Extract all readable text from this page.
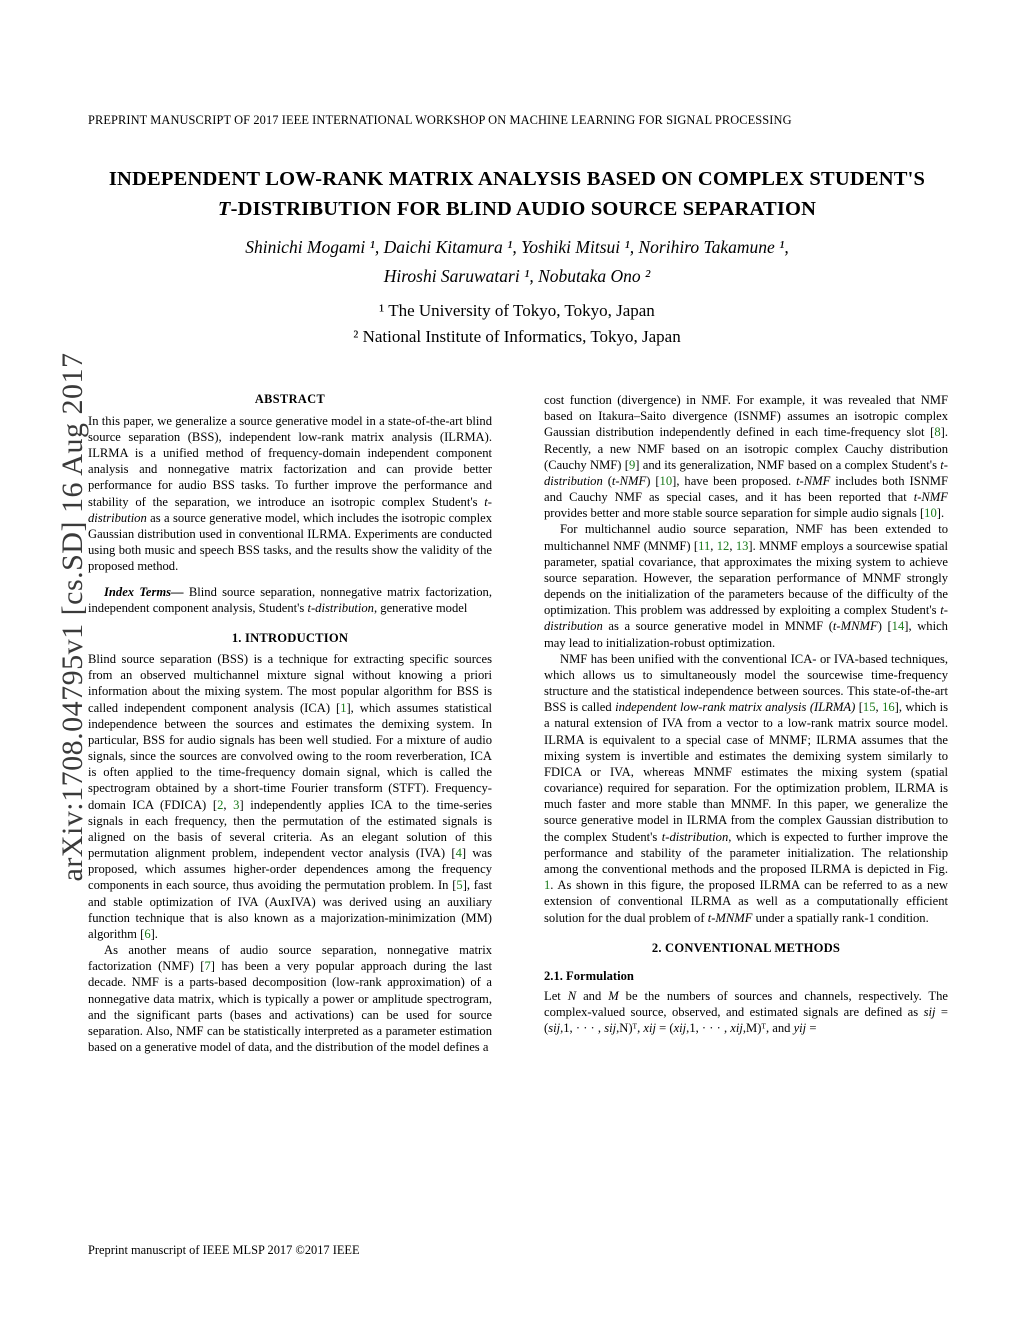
arXiv:1708.04795v1 [cs.SD] 16 Aug 2017
PREPRINT MANUSCRIPT OF 2017 IEEE INTERNATIONAL WORKSHOP ON MACHINE LEARNING FOR SIGNAL PROCESSING
INDEPENDENT LOW-RANK MATRIX ANALYSIS BASED ON COMPLEX STUDENT'S
T-DISTRIBUTION FOR BLIND AUDIO SOURCE SEPARATION
Shinichi Mogami ¹, Daichi Kitamura ¹, Yoshiki Mitsui ¹, Norihiro Takamune ¹,
Hiroshi Saruwatari ¹, Nobutaka Ono ²
¹ The University of Tokyo, Tokyo, Japan
² National Institute of Informatics, Tokyo, Japan
ABSTRACT

In this paper, we generalize a source generative model in a state-of-the-art blind source separation (BSS), independent low-rank matrix analysis (ILRMA). ILRMA is a unified method of frequency-domain independent component analysis and nonnegative matrix factorization and can provide better performance for audio BSS tasks. To further improve the performance and stability of the separation, we introduce an isotropic complex Student's t-distribution as a source generative model, which includes the isotropic complex Gaussian distribution used in conventional ILRMA. Experiments are conducted using both music and speech BSS tasks, and the results show the validity of the proposed method.

Index Terms— Blind source separation, nonnegative matrix factorization, independent component analysis, Student's t-distribution, generative model

1. INTRODUCTION

Blind source separation (BSS) is a technique for extracting specific sources from an observed multichannel mixture signal without knowing a priori information about the mixing system. The most popular algorithm for BSS is called independent component analysis (ICA) [1], which assumes statistical independence between the sources and estimates the demixing system. In particular, BSS for audio signals has been well studied. For a mixture of audio signals, since the sources are convolved owing to the room reverberation, ICA is often applied to the time-frequency domain signal, which is called the spectrogram obtained by a short-time Fourier transform (STFT). Frequency-domain ICA (FDICA) [2, 3] independently applies ICA to the time-series signals in each frequency, then the permutation of the estimated signals is aligned on the basis of several criteria. As an elegant solution of this permutation alignment problem, independent vector analysis (IVA) [4] was proposed, which assumes higher-order dependences among the frequency components in each source, thus avoiding the permutation problem. In [5], fast and stable optimization of IVA (AuxIVA) was derived using an auxiliary function technique that is also known as a majorization-minimization (MM) algorithm [6].

As another means of audio source separation, nonnegative matrix factorization (NMF) [7] has been a very popular approach during the last decade. NMF is a parts-based decomposition (low-rank approximation) of a nonnegative data matrix, which is typically a power or amplitude spectrogram, and the significant parts (bases and activations) can be used for source separation. Also, NMF can be statistically interpreted as a parameter estimation based on a generative model of data, and the distribution of the model defines a

cost function (divergence) in NMF. For example, it was revealed that NMF based on Itakura–Saito divergence (ISNMF) assumes an isotropic complex Gaussian distribution independently defined in each time-frequency slot [8]. Recently, a new NMF based on an isotropic complex Cauchy distribution (Cauchy NMF) [9] and its generalization, NMF based on a complex Student's t-distribution (t-NMF) [10], have been proposed. t-NMF includes both ISNMF and Cauchy NMF as special cases, and it has been reported that t-NMF provides better and more stable source separation for simple audio signals [10].

For multichannel audio source separation, NMF has been extended to multichannel NMF (MNMF) [11, 12, 13]. MNMF employs a sourcewise spatial parameter, spatial covariance, that approximates the mixing system to achieve source separation. However, the separation performance of MNMF strongly depends on the initialization of the parameters because of the difficulty of the optimization. This problem was addressed by exploiting a complex Student's t-distribution as a source generative model in MNMF (t-MNMF) [14], which may lead to initialization-robust optimization.

NMF has been unified with the conventional ICA- or IVA-based techniques, which allows us to simultaneously model the sourcewise time-frequency structure and the statistical independence between sources. This state-of-the-art BSS is called independent low-rank matrix analysis (ILRMA) [15, 16], which is a natural extension of IVA from a vector to a low-rank matrix source model. ILRMA is equivalent to a special case of MNMF; ILRMA assumes that the mixing system is invertible and estimates the demixing system similarly to FDICA or IVA, whereas MNMF estimates the mixing system (spatial covariance) required for separation. For the optimization problem, ILRMA is much faster and more stable than MNMF. In this paper, we generalize the source generative model in ILRMA from the complex Gaussian distribution to the complex Student's t-distribution, which is expected to further improve the performance and stability of the parameter initialization. The relationship among the conventional methods and the proposed ILRMA is depicted in Fig. 1. As shown in this figure, the proposed ILRMA can be referred to as a new extension of conventional ILRMA as well as a computationally efficient solution for the dual problem of t-MNMF under a spatially rank-1 condition.

2. CONVENTIONAL METHODS
2.1. Formulation

Let N and M be the numbers of sources and channels, respectively. The complex-valued source, observed, and estimated signals are defined as sij = (sij,1, · · · , sij,N)ᵀ, xij = (xij,1, · · · , xij,M)ᵀ, and yij =

Preprint manuscript of IEEE MLSP 2017 ©2017 IEEE
